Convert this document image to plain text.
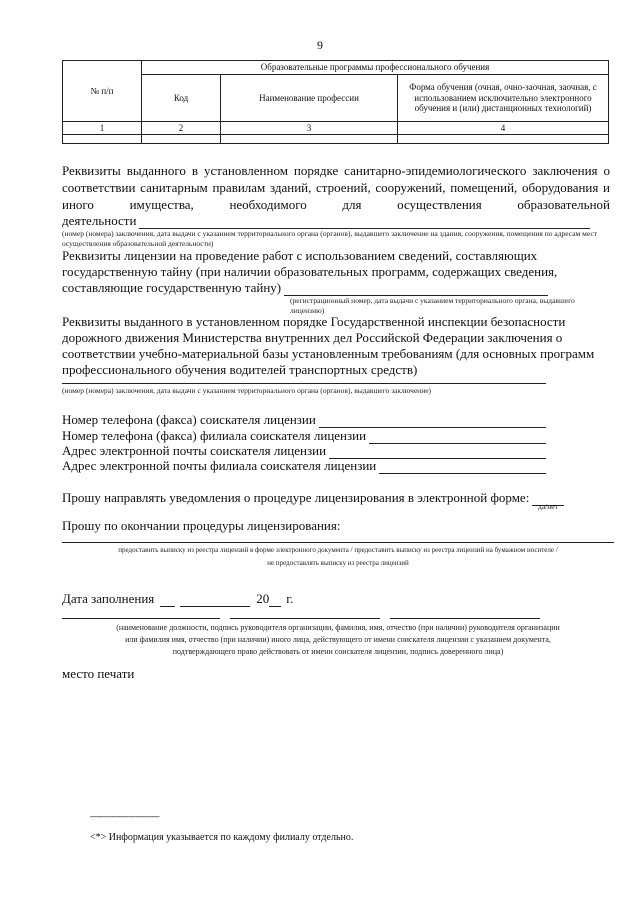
9
№ п/п	Образовательные программы профессионального обучения		
	Код	Наименование профессии	Форма обучения (очная, очно-заочная, заочная, с использованием исключительно электронного обучения и (или) дистанционных технологий)
1	2	3	4

Реквизиты выданного в установленном порядке санитарно-эпидемиологического заключения о
соответствии санитарным правилам зданий, строений, сооружений, помещений, оборудования и
иного имущества, необходимого для осуществления образовательной
деятельности
(номер (номера) заключения, дата выдачи с указанием территориального органа (органов), выдавшего заключение на здания, сооружения, помещения по адресам мест осуществления образовательной деятельности)
Реквизиты лицензии на проведение работ с использованием сведений, составляющих
государственную тайну (при наличии образовательных программ, содержащих сведения,
составляющие государственную тайну)
(регистрационный номер, дата выдачи с указанием территориального органа, выдавшего лицензию)
Реквизиты выданного в установленном порядке Государственной инспекции безопасности
дорожного движения Министерства внутренних дел Российской Федерации заключения о
соответствии учебно-материальной базы установленным требованиям (для основных программ
профессионального обучения водителей транспортных средств)
(номер (номера) заключения, дата выдачи с указанием территориального органа (органов), выдавшего заключение)
Номер телефона (факса) соискателя лицензии
Номер телефона (факса) филиала соискателя лицензии
Адрес электронной почты соискателя лицензии
Адрес электронной почты филиала соискателя лицензии
Прошу направлять уведомления о процедуре лицензирования в электронной форме:
да/нет
Прошу по окончании процедуры лицензирования:
предоставить выписку из реестра лицензий в форме электронного документа / предоставить выписку из реестра лицензий на бумажном носителе /
не предоставлять выписку из реестра лицензий
Дата заполнения	20 г.
(наименование должности, подпись руководителя организации, фамилия, имя, отчество (при наличии) руководителя организации
или фамилия имя, отчество (при наличии) иного лица, действующего от имени соискателя лицензии с указанием документа,
подтверждающего право действовать от имени соискателя лицензии, подпись доверенного лица)
место печати
--------------------------------
<*> Информация указывается по каждому филиалу отдельно.
